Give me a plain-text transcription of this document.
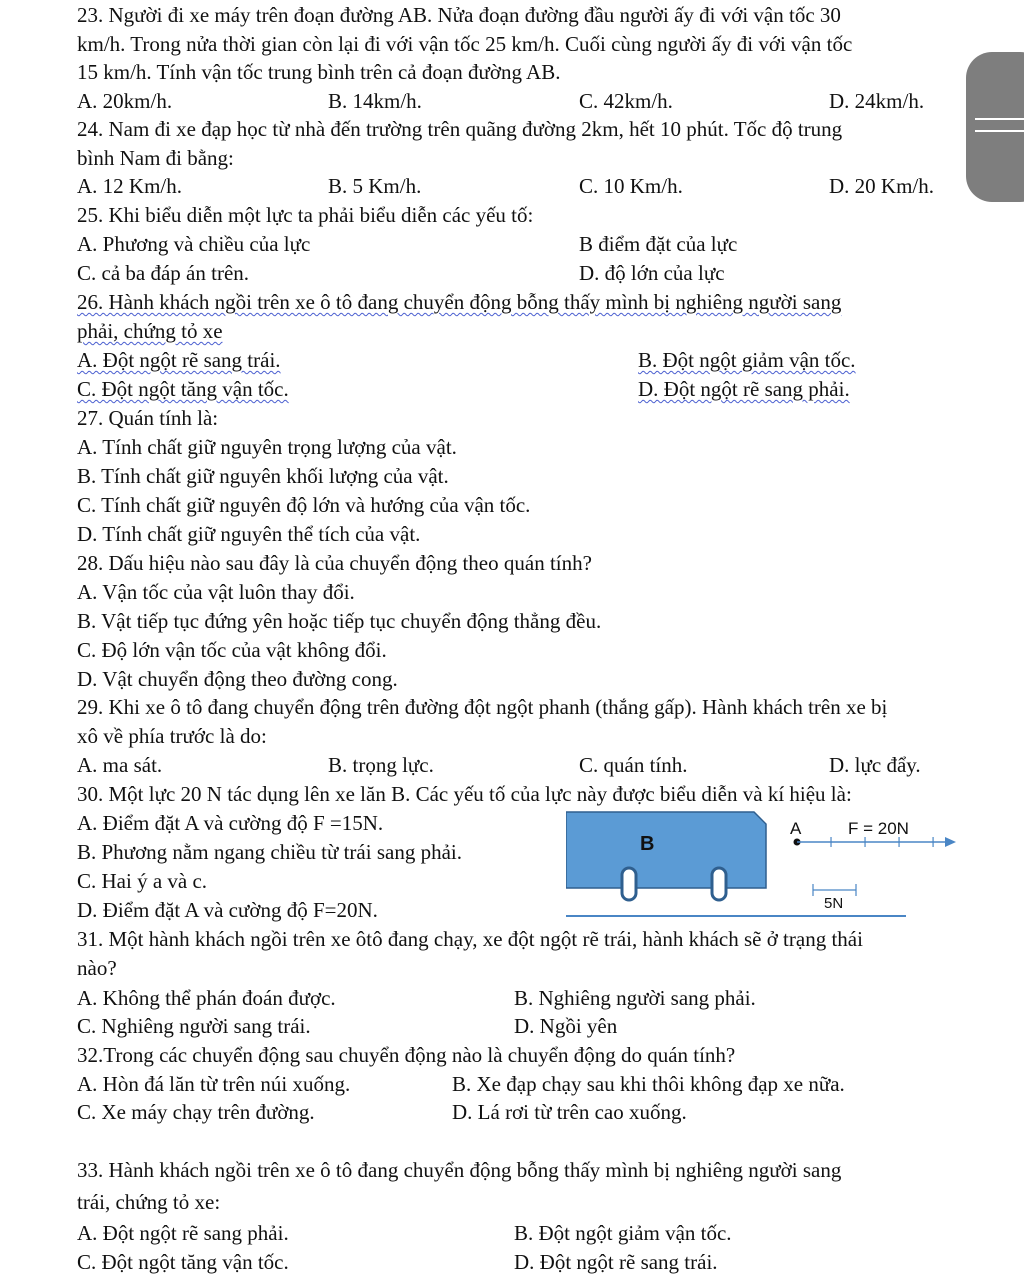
23. Người đi xe máy trên đoạn đường AB. Nửa đoạn đường đầu người ấy đi với vận tốc 30
km/h. Trong nửa thời gian còn lại đi với vận tốc 25 km/h. Cuối cùng người ấy đi với vận tốc
15 km/h. Tính vận tốc trung bình trên cả đoạn đường AB.
A. 20km/h.	B. 14km/h.	C. 42km/h.	D. 24km/h.
24. Nam đi xe đạp học từ nhà đến trường trên quãng đường 2km, hết 10 phút. Tốc độ trung
bình Nam đi bằng:
A. 12 Km/h.	B. 5 Km/h.	C. 10 Km/h.	D. 20 Km/h.
25. Khi biểu diễn một lực ta phải biểu diễn các yếu tố:
A. Phương và chiều của lực	B điểm đặt của lực
C. cả ba đáp án trên.	D. độ lớn của lực
26. Hành khách ngồi trên xe ô tô đang chuyển động bỗng thấy mình bị nghiêng người sang
phải, chứng tỏ xe
A. Đột ngột rẽ sang trái.	B. Đột ngột giảm vận tốc.
C. Đột ngột tăng vận tốc.	D. Đột ngột rẽ sang phải.
27. Quán tính là:
A. Tính chất giữ nguyên trọng lượng của vật.
B. Tính chất giữ nguyên khối lượng của vật.
C. Tính chất giữ nguyên độ lớn và hướng của vận tốc.
D. Tính chất giữ nguyên thể tích của vật.
28. Dấu hiệu nào sau đây là của chuyển động theo quán tính?
A. Vận tốc của vật luôn thay đổi.
B. Vật tiếp tục đứng yên hoặc tiếp tục chuyển động thẳng đều.
C. Độ lớn vận tốc của vật không đổi.
D. Vật chuyển động theo đường cong.
29. Khi xe ô tô đang chuyển động trên đường đột ngột phanh (thắng gấp). Hành khách trên xe bị
xô về phía trước là do:
A. ma sát.	B. trọng lực.	C. quán tính.	D. lực đẩy.
30. Một lực 20 N tác dụng lên xe lăn B. Các yếu tố của lực này được biểu diễn và kí hiệu là:
A. Điểm đặt A và cường độ F =15N.
B. Phương nằm ngang chiều từ trái sang phải.
C. Hai ý a và c.
D. Điểm đặt A và cường độ F=20N.
B
A	F = 20N
5N
31. Một hành khách ngồi trên xe ôtô đang chạy, xe đột ngột rẽ trái, hành khách sẽ ở trạng thái
nào?
A. Không thể phán đoán được.	B. Nghiêng người sang phải.
C. Nghiêng người sang trái.	D. Ngồi yên
32.Trong các chuyển động sau chuyển động nào là chuyển động do quán tính?
A. Hòn đá lăn từ trên núi xuống.	B. Xe đạp chạy sau khi thôi không đạp xe nữa.
C. Xe máy chạy trên đường.	D. Lá rơi từ trên cao xuống.
33. Hành khách ngồi trên xe ô tô đang chuyển động bỗng thấy mình bị nghiêng người sang
trái, chứng tỏ xe:
A. Đột ngột rẽ sang phải.	B. Đột ngột giảm vận tốc.
C. Đột ngột tăng vận tốc.	D. Đột ngột rẽ sang trái.
